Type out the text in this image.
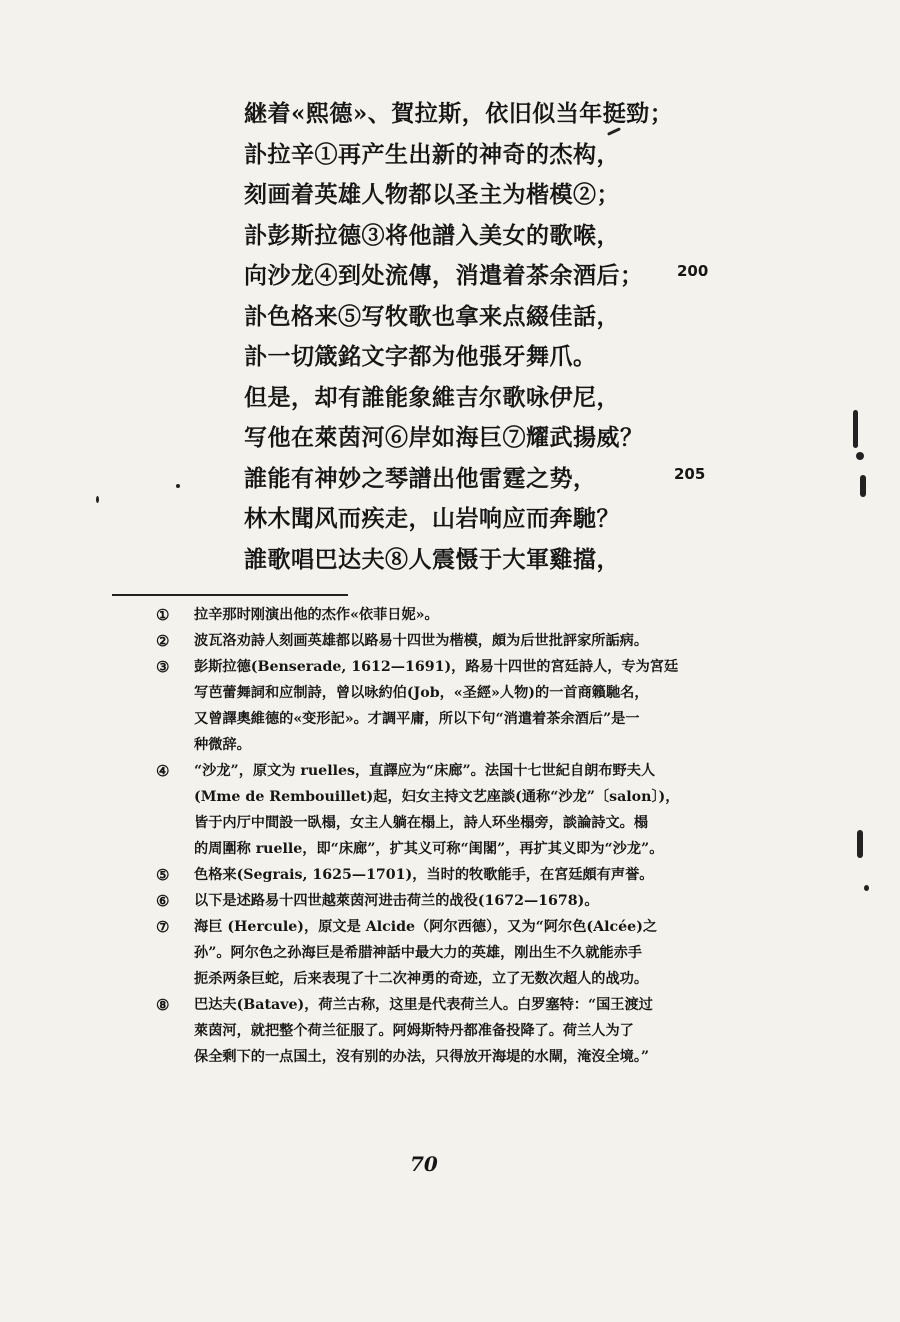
継着«熙德»、賀拉斯，依旧似当年挺勁；
訃拉辛①再产生出新的神奇的杰构，
刻画着英雄人物都以圣主为楷模②；
訃彭斯拉德③将他譜入美女的歌喉，
向沙龙④到处流傳，消遣着茶余酒后；
訃色格来⑤写牧歌也拿来点綴佳話，
訃一切箴銘文字都为他張牙舞爪。
但是，却有誰能象維吉尔歌咏伊尼，
写他在萊茵河⑥岸如海巨⑦耀武揚威？
誰能有神妙之琴譜出他雷霆之势，
林木聞风而疾走，山岩响应而奔馳？
誰歌唱巴达夫⑧人震慑于大軍雞擋，
200
205
①	拉辛那时刚演出他的杰作«依菲日妮»。
②	波瓦洛劝詩人刻画英雄都以路易十四世为楷模，頗为后世批評家所詬病。
③	彭斯拉德(Benserade, 1612—1691)，路易十四世的宮廷詩人，专为宮廷
写芭蕾舞詞和应制詩，曾以咏約伯(Job，«圣經»人物)的一首商籟馳名，
又曾譯奧維德的«变形記»。才調平庸，所以下句“消遣着茶余酒后”是一
种微辞。
④	“沙龙”，原文为 ruelles，直譯应为“床廊”。法国十七世紀自朗布野夫人
(Mme de Rembouillet)起，妇女主持文艺座談(通称“沙龙”〔salon〕)，
皆于内厅中間設一臥榻，女主人躺在榻上，詩人环坐榻旁，談論詩文。榻
的周圍称 ruelle，即“床廊”，扩其义可称“闺閣”，再扩其义即为“沙龙”。
⑤	色格来(Segrais, 1625—1701)，当时的牧歌能手，在宮廷頗有声誉。
⑥	以下是述路易十四世越萊茵河进击荷兰的战役(1672—1678)。
⑦	海巨 (Hercule)，原文是 Alcide（阿尔西德），又为“阿尔色(Alcée)之
孙”。阿尔色之孙海巨是希腊神話中最大力的英雄，刚出生不久就能赤手
扼杀两条巨蛇，后来表現了十二次神勇的奇迹，立了无数次超人的战功。
⑧	巴达夫(Batave)，荷兰古称，这里是代表荷兰人。白罗塞特：“国王渡过
萊茵河，就把整个荷兰征服了。阿姆斯特丹都准备投降了。荷兰人为了
保全剩下的一点国土，沒有别的办法，只得放开海堤的水閘，淹沒全境。”
70
